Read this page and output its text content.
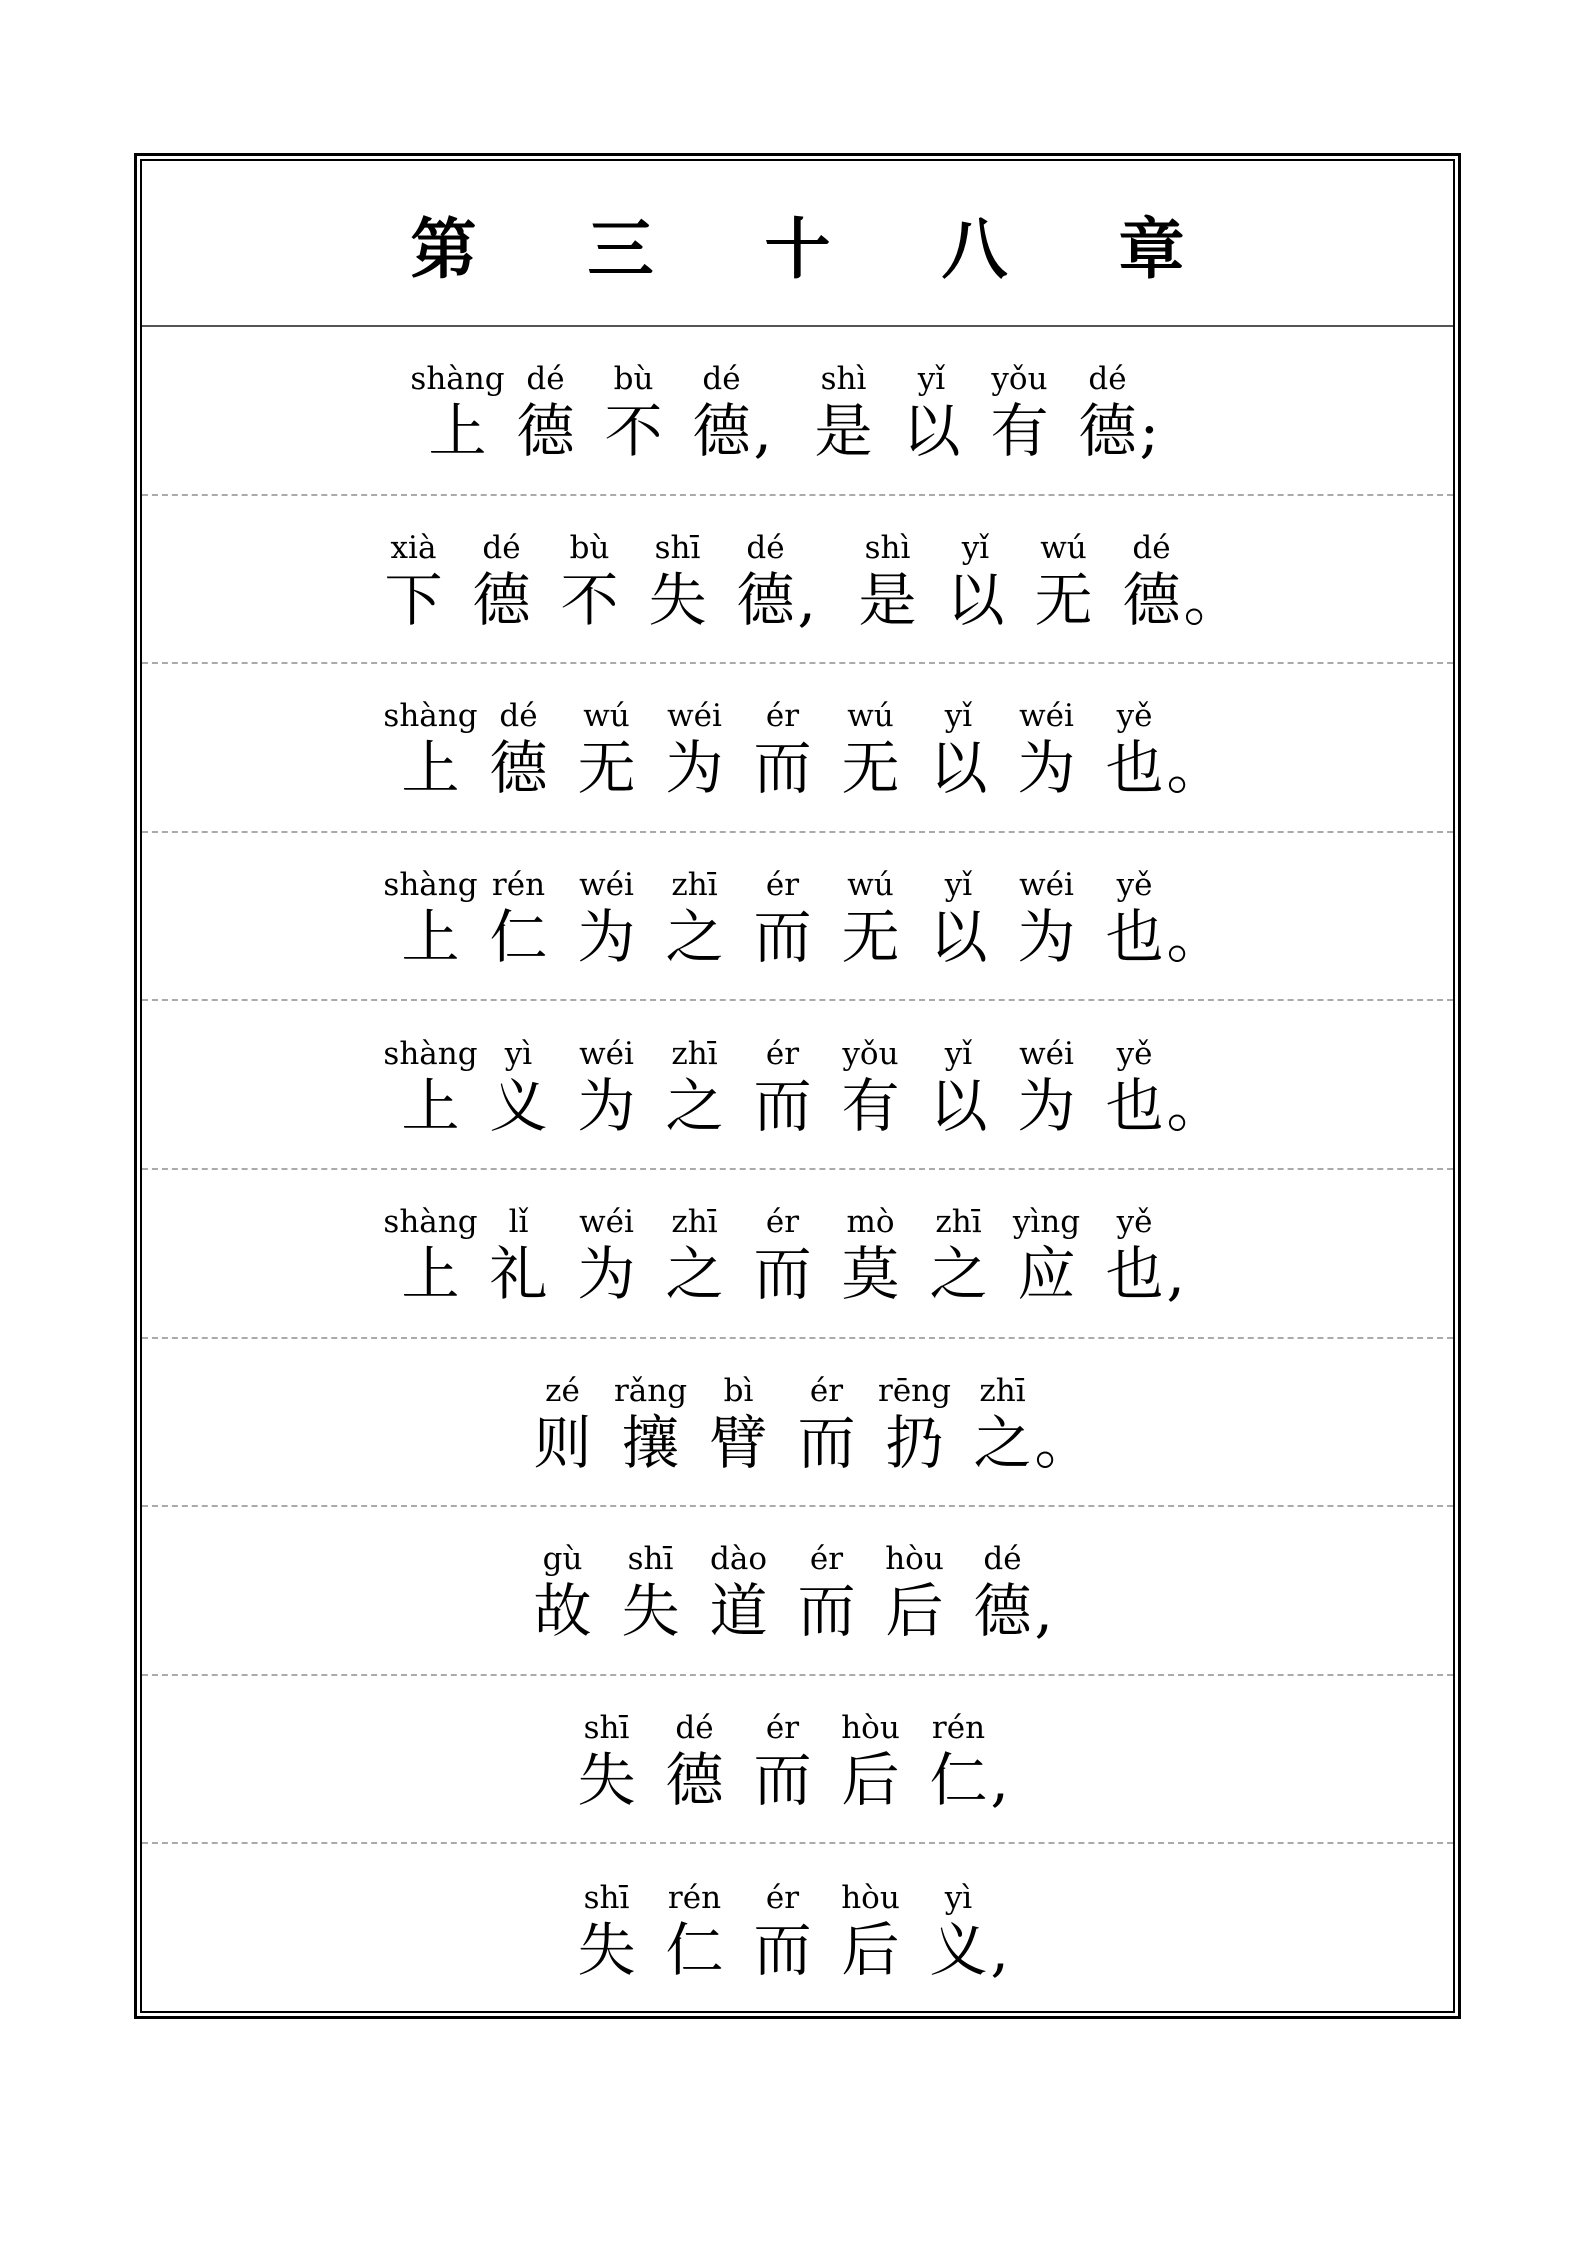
第 三 十 八 章
shàng
上
dé
德
bù
不
dé
德 ,
shì
是
yǐ
以
yǒu
有
dé
德 ;
xià
下
dé
德
bù
不
shī
失
dé
德 ,
shì
是
yǐ
以
wú
无
dé
德 。
shàng
上
dé
德
wú
无
wéi
为
ér
而
wú
无
yǐ
以
wéi
为
yě
也 。
shàng
上
rén
仁
wéi
为
zhī
之
ér
而
wú
无
yǐ
以
wéi
为
yě
也 。
shàng
上
yì
义
wéi
为
zhī
之
ér
而
yǒu
有
yǐ
以
wéi
为
yě
也 。
shàng
上
lǐ
礼
wéi
为
zhī
之
ér
而
mò
莫
zhī
之
yìng
应
yě
也 ,
zé
则
rǎng
攘
bì
臂
ér
而
rēng
扔
zhī
之 。
gù
故
shī
失
dào
道
ér
而
hòu
后
dé
德 ,
shī
失
dé
德
ér
而
hòu
后
rén
仁 ,
shī
失
rén
仁
ér
而
hòu
后
yì
义 ,
